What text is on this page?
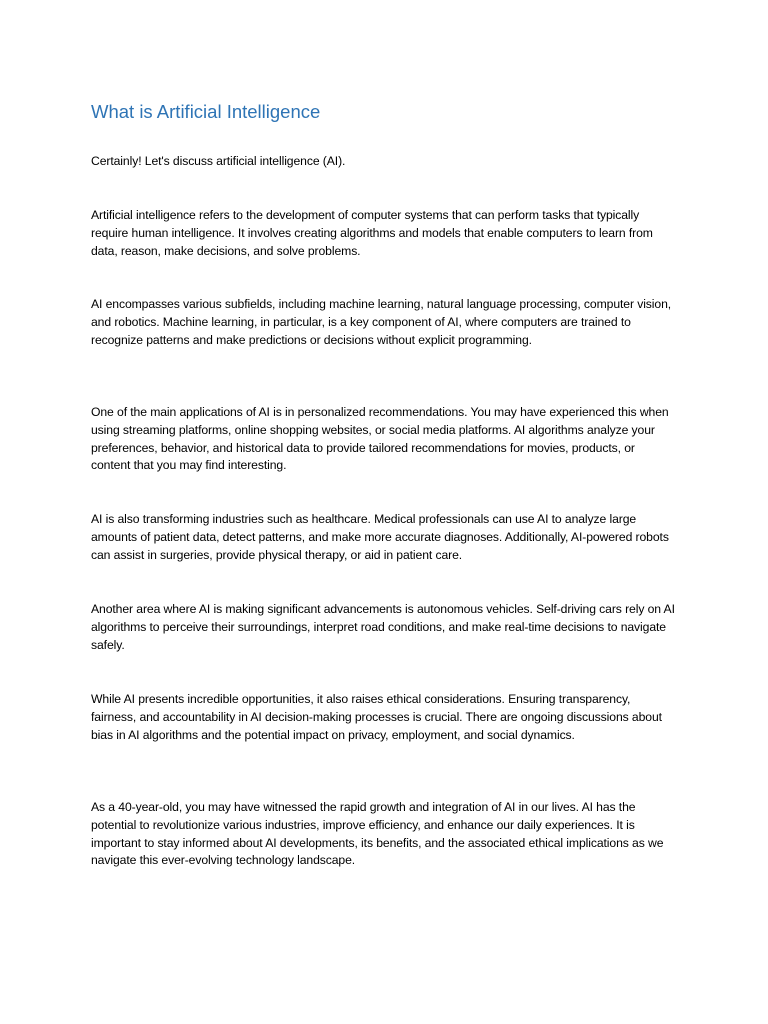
What is Artificial Intelligence

Certainly! Let's discuss artificial intelligence (AI).

Artificial intelligence refers to the development of computer systems that can perform tasks that typically require human intelligence. It involves creating algorithms and models that enable computers to learn from data, reason, make decisions, and solve problems.

AI encompasses various subfields, including machine learning, natural language processing, computer vision, and robotics. Machine learning, in particular, is a key component of AI, where computers are trained to recognize patterns and make predictions or decisions without explicit programming.

One of the main applications of AI is in personalized recommendations. You may have experienced this when using streaming platforms, online shopping websites, or social media platforms. AI algorithms analyze your preferences, behavior, and historical data to provide tailored recommendations for movies, products, or content that you may find interesting.

AI is also transforming industries such as healthcare. Medical professionals can use AI to analyze large amounts of patient data, detect patterns, and make more accurate diagnoses. Additionally, AI-powered robots can assist in surgeries, provide physical therapy, or aid in patient care.

Another area where AI is making significant advancements is autonomous vehicles. Self-driving cars rely on AI algorithms to perceive their surroundings, interpret road conditions, and make real-time decisions to navigate safely.

While AI presents incredible opportunities, it also raises ethical considerations. Ensuring transparency, fairness, and accountability in AI decision-making processes is crucial. There are ongoing discussions about bias in AI algorithms and the potential impact on privacy, employment, and social dynamics.

As a 40-year-old, you may have witnessed the rapid growth and integration of AI in our lives. AI has the potential to revolutionize various industries, improve efficiency, and enhance our daily experiences. It is important to stay informed about AI developments, its benefits, and the associated ethical implications as we navigate this ever-evolving technology landscape.
